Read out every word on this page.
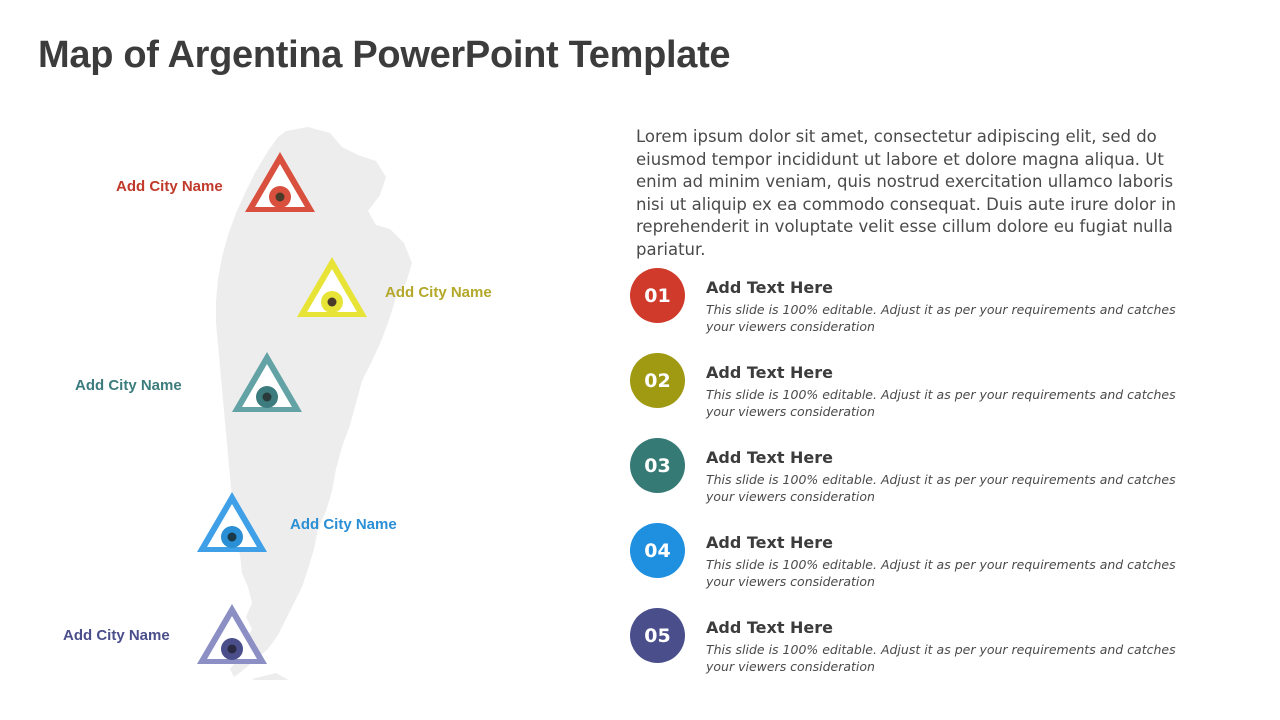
Map of Argentina PowerPoint Template
Add City Name
Add City Name
Add City Name
Add City Name
Add City Name
Lorem ipsum dolor sit amet, consectetur adipiscing elit, sed do eiusmod tempor incididunt ut labore et dolore magna aliqua. Ut enim ad minim veniam, quis nostrud exercitation ullamco laboris nisi ut aliquip ex ea commodo consequat. Duis aute irure dolor in reprehenderit in voluptate velit esse cillum dolore eu fugiat nulla pariatur.
01	Add Text Here
This slide is 100% editable. Adjust it as per your requirements and catches your viewers consideration
02	Add Text Here
This slide is 100% editable. Adjust it as per your requirements and catches your viewers consideration
03	Add Text Here
This slide is 100% editable. Adjust it as per your requirements and catches your viewers consideration
04	Add Text Here
This slide is 100% editable. Adjust it as per your requirements and catches your viewers consideration
05	Add Text Here
This slide is 100% editable. Adjust it as per your requirements and catches your viewers consideration
